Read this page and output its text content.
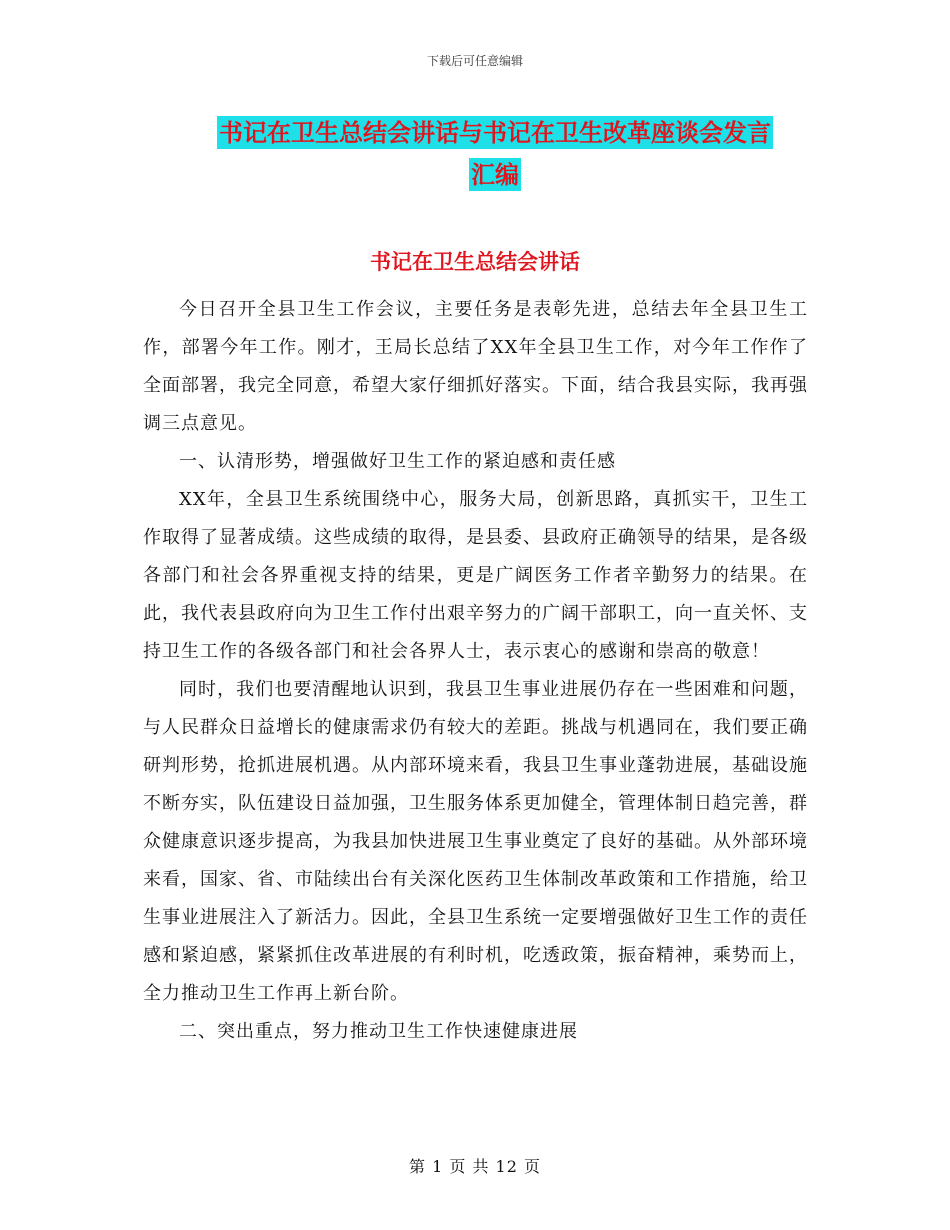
下载后可任意编辑
书记在卫生总结会讲话与书记在卫生改革座谈会发言
汇编
书记在卫生总结会讲话

今日召开全县卫生工作会议，主要任务是表彰先进，总结去年全县卫生工作，部署今年工作。刚才，王局长总结了XX年全县卫生工作，对今年工作作了全面部署，我完全同意，希望大家仔细抓好落实。下面，结合我县实际，我再强调三点意见。

一、认清形势，增强做好卫生工作的紧迫感和责任感

XX年，全县卫生系统围绕中心，服务大局，创新思路，真抓实干，卫生工作取得了显著成绩。这些成绩的取得，是县委、县政府正确领导的结果，是各级各部门和社会各界重视支持的结果，更是广阔医务工作者辛勤努力的结果。在此，我代表县政府向为卫生工作付出艰辛努力的广阔干部职工，向一直关怀、支持卫生工作的各级各部门和社会各界人士，表示衷心的感谢和崇高的敬意！

同时，我们也要清醒地认识到，我县卫生事业进展仍存在一些困难和问题，与人民群众日益增长的健康需求仍有较大的差距。挑战与机遇同在，我们要正确研判形势，抢抓进展机遇。从内部环境来看，我县卫生事业蓬勃进展，基础设施不断夯实，队伍建设日益加强，卫生服务体系更加健全，管理体制日趋完善，群众健康意识逐步提高，为我县加快进展卫生事业奠定了良好的基础。从外部环境来看，国家、省、市陆续出台有关深化医药卫生体制改革政策和工作措施，给卫生事业进展注入了新活力。因此，全县卫生系统一定要增强做好卫生工作的责任感和紧迫感，紧紧抓住改革进展的有利时机，吃透政策，振奋精神，乘势而上，全力推动卫生工作再上新台阶。

二、突出重点，努力推动卫生工作快速健康进展

第 1 页 共 12 页
